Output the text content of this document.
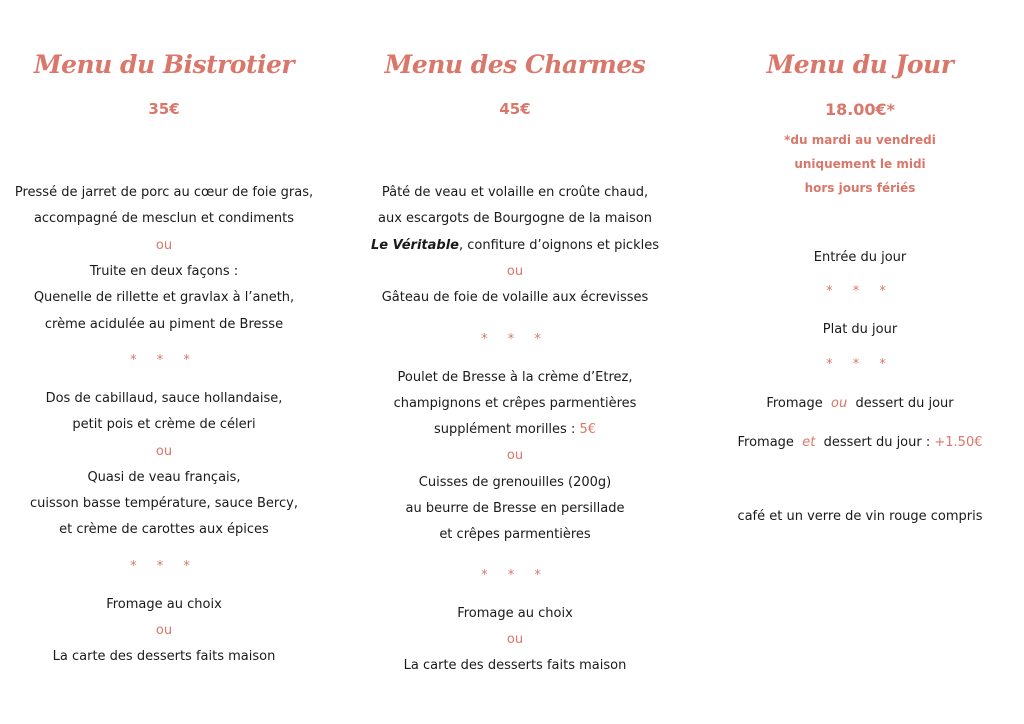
Menu du Bistrotier
35€
Pressé de jarret de porc au cœur de foie gras,
accompagné de mesclun et condiments
ou
Truite en deux façons :
Quenelle de rillette et gravlax à l’aneth,
crème acidulée au piment de Bresse
* * *
Dos de cabillaud, sauce hollandaise,
petit pois et crème de céleri
ou
Quasi de veau français,
cuisson basse température, sauce Bercy,
et crème de carottes aux épices
* * *
Fromage au choix
ou
La carte des desserts faits maison
Menu des Charmes
45€
Pâté de veau et volaille en croûte chaud,
aux escargots de Bourgogne de la maison
Le Véritable, confiture d’oignons et pickles
ou
Gâteau de foie de volaille aux écrevisses
* * *
Poulet de Bresse à la crème d’Etrez,
champignons et crêpes parmentières
supplément morilles : 5€
ou
Cuisses de grenouilles (200g)
au beurre de Bresse en persillade
et crêpes parmentières
* * *
Fromage au choix
ou
La carte des desserts faits maison
Menu du Jour
18.00€*
*du mardi au vendredi
uniquement le midi
hors jours fériés
Entrée du jour
* * *
Plat du jour
* * *
Fromage ou dessert du jour
Fromage et dessert du jour : +1.50€
café et un verre de vin rouge compris
